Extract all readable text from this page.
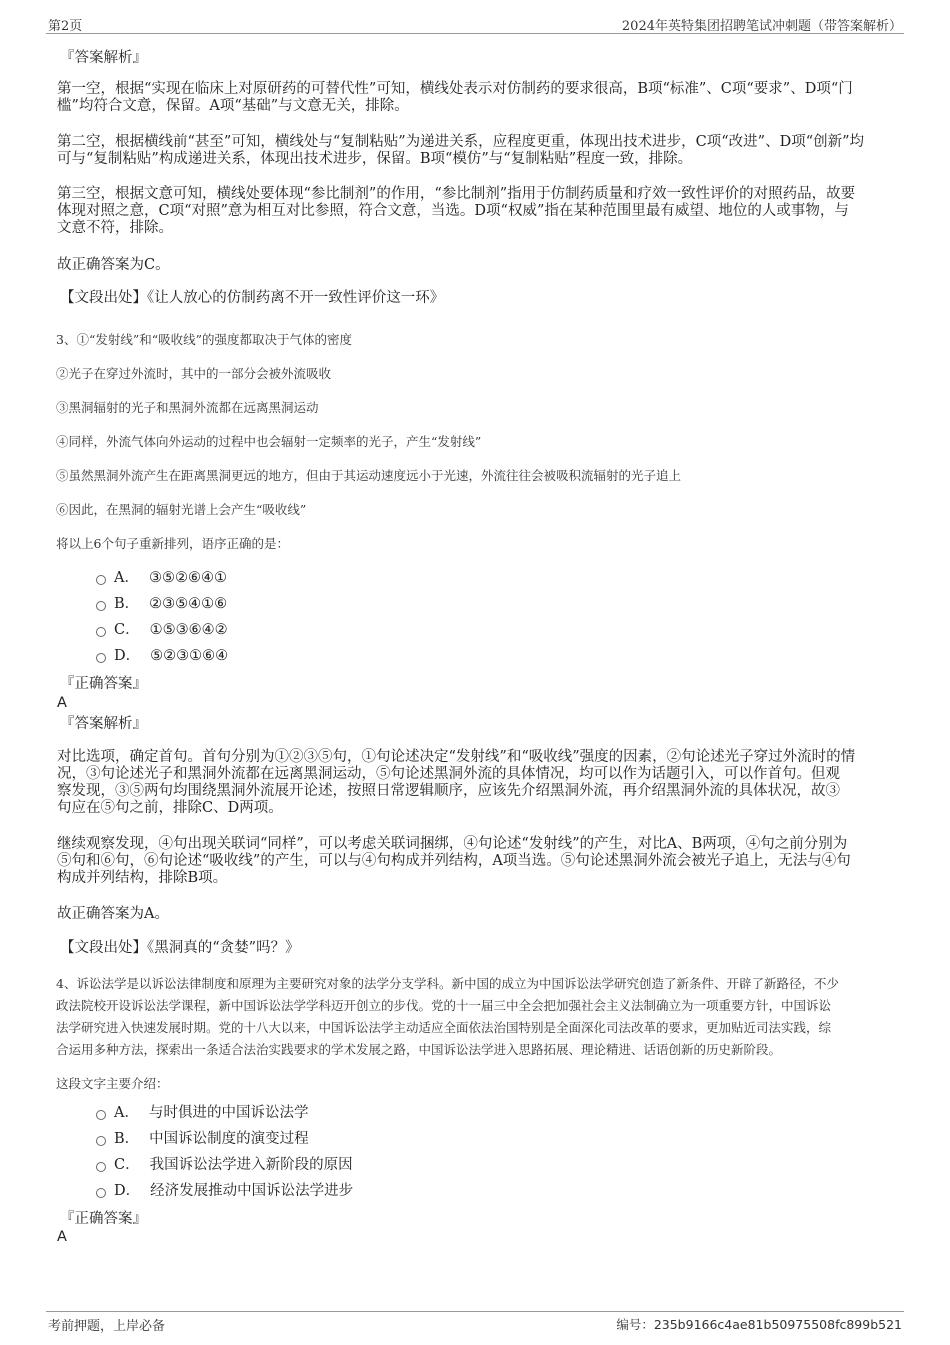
第2页	2024年英特集团招聘笔试冲刺题（带答案解析）
『答案解析』
第一空，根据“实现在临床上对原研药的可替代性”可知，横线处表示对仿制药的要求很高，B项“标准”、C项“要求”、D项“门
槛”均符合文意，保留。A项“基础”与文意无关，排除。
第二空，根据横线前“甚至”可知，横线处与“复制粘贴”为递进关系，应程度更重，体现出技术进步，C项“改进”、D项“创新”均
可与“复制粘贴”构成递进关系，体现出技术进步，保留。B项“模仿”与“复制粘贴”程度一致，排除。
第三空，根据文意可知，横线处要体现“参比制剂”的作用，“参比制剂”指用于仿制药质量和疗效一致性评价的对照药品，故要
体现对照之意，C项“对照”意为相互对比参照，符合文意，当选。D项“权威”指在某种范围里最有威望、地位的人或事物，与
文意不符，排除。
故正确答案为C。
【文段出处】《让人放心的仿制药离不开一致性评价这一环》
3、①“发射线”和“吸收线”的强度都取决于气体的密度
②光子在穿过外流时，其中的一部分会被外流吸收
③黑洞辐射的光子和黑洞外流都在远离黑洞运动
④同样，外流气体向外运动的过程中也会辐射一定频率的光子，产生“发射线”
⑤虽然黑洞外流产生在距离黑洞更远的地方，但由于其运动速度远小于光速，外流往往会被吸积流辐射的光子追上
⑥因此，在黑洞的辐射光谱上会产生“吸收线”
将以上6个句子重新排列，语序正确的是：
A． ③⑤②⑥④①
B． ②③⑤④①⑥
C． ①⑤③⑥④②
D． ⑤②③①⑥④
『正确答案』
A
『答案解析』
对比选项，确定首句。首句分别为①②③⑤句，①句论述决定“发射线”和“吸收线”强度的因素，②句论述光子穿过外流时的情
况，③句论述光子和黑洞外流都在远离黑洞运动，⑤句论述黑洞外流的具体情况，均可以作为话题引入，可以作首句。但观
察发现，③⑤两句均围绕黑洞外流展开论述，按照日常逻辑顺序，应该先介绍黑洞外流，再介绍黑洞外流的具体状况，故③
句应在⑤句之前，排除C、D两项。
继续观察发现，④句出现关联词“同样”，可以考虑关联词捆绑，④句论述“发射线”的产生，对比A、B两项，④句之前分别为
⑤句和⑥句，⑥句论述“吸收线”的产生，可以与④句构成并列结构，A项当选。⑤句论述黑洞外流会被光子追上，无法与④句
构成并列结构，排除B项。
故正确答案为A。
【文段出处】《黑洞真的“贪婪”吗？》
4、诉讼法学是以诉讼法律制度和原理为主要研究对象的法学分支学科。新中国的成立为中国诉讼法学研究创造了新条件、开辟了新路径，不少
政法院校开设诉讼法学课程，新中国诉讼法学学科迈开创立的步伐。党的十一届三中全会把加强社会主义法制确立为一项重要方针，中国诉讼
法学研究进入快速发展时期。党的十八大以来，中国诉讼法学主动适应全面依法治国特别是全面深化司法改革的要求，更加贴近司法实践，综
合运用多种方法，探索出一条适合法治实践要求的学术发展之路，中国诉讼法学进入思路拓展、理论精进、话语创新的历史新阶段。
这段文字主要介绍：
A． 与时俱进的中国诉讼法学
B． 中国诉讼制度的演变过程
C． 我国诉讼法学进入新阶段的原因
D． 经济发展推动中国诉讼法学进步
『正确答案』
A
考前押题，上岸必备	编号：235b9166c4ae81b50975508fc899b521
